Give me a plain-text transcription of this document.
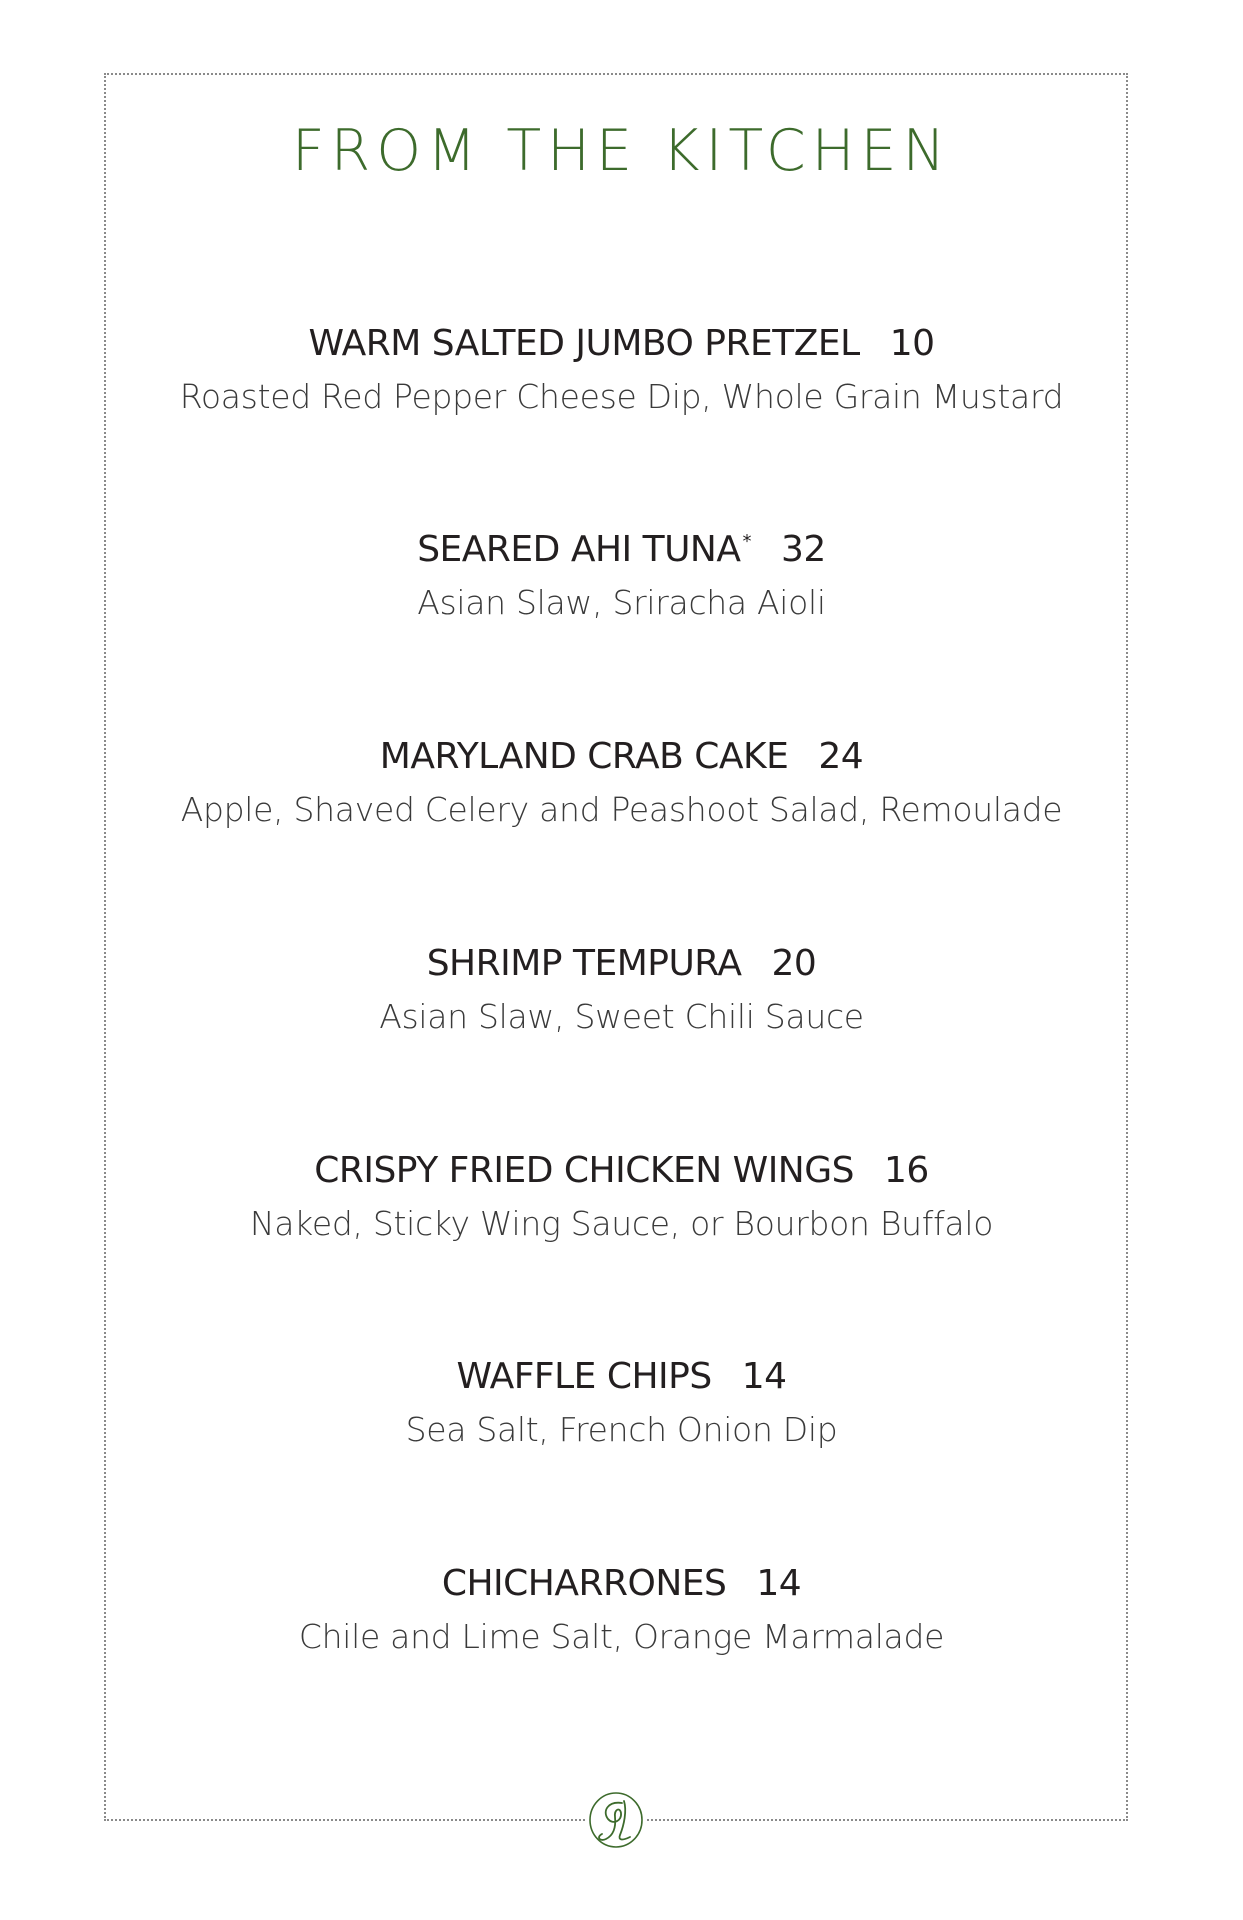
FROM THE KITCHEN
WARM SALTED JUMBO PRETZEL 10
Roasted Red Pepper Cheese Dip, Whole Grain Mustard
SEARED AHI TUNA * 32
Asian Slaw, Sriracha Aioli
MARYLAND CRAB CAKE 24
Apple, Shaved Celery and Peashoot Salad, Remoulade
SHRIMP TEMPURA 20
Asian Slaw, Sweet Chili Sauce
CRISPY FRIED CHICKEN WINGS 16
Naked, Sticky Wing Sauce, or Bourbon Buffalo
WAFFLE CHIPS 14
Sea Salt, French Onion Dip
CHICHARRONES 14
Chile and Lime Salt, Orange Marmalade
